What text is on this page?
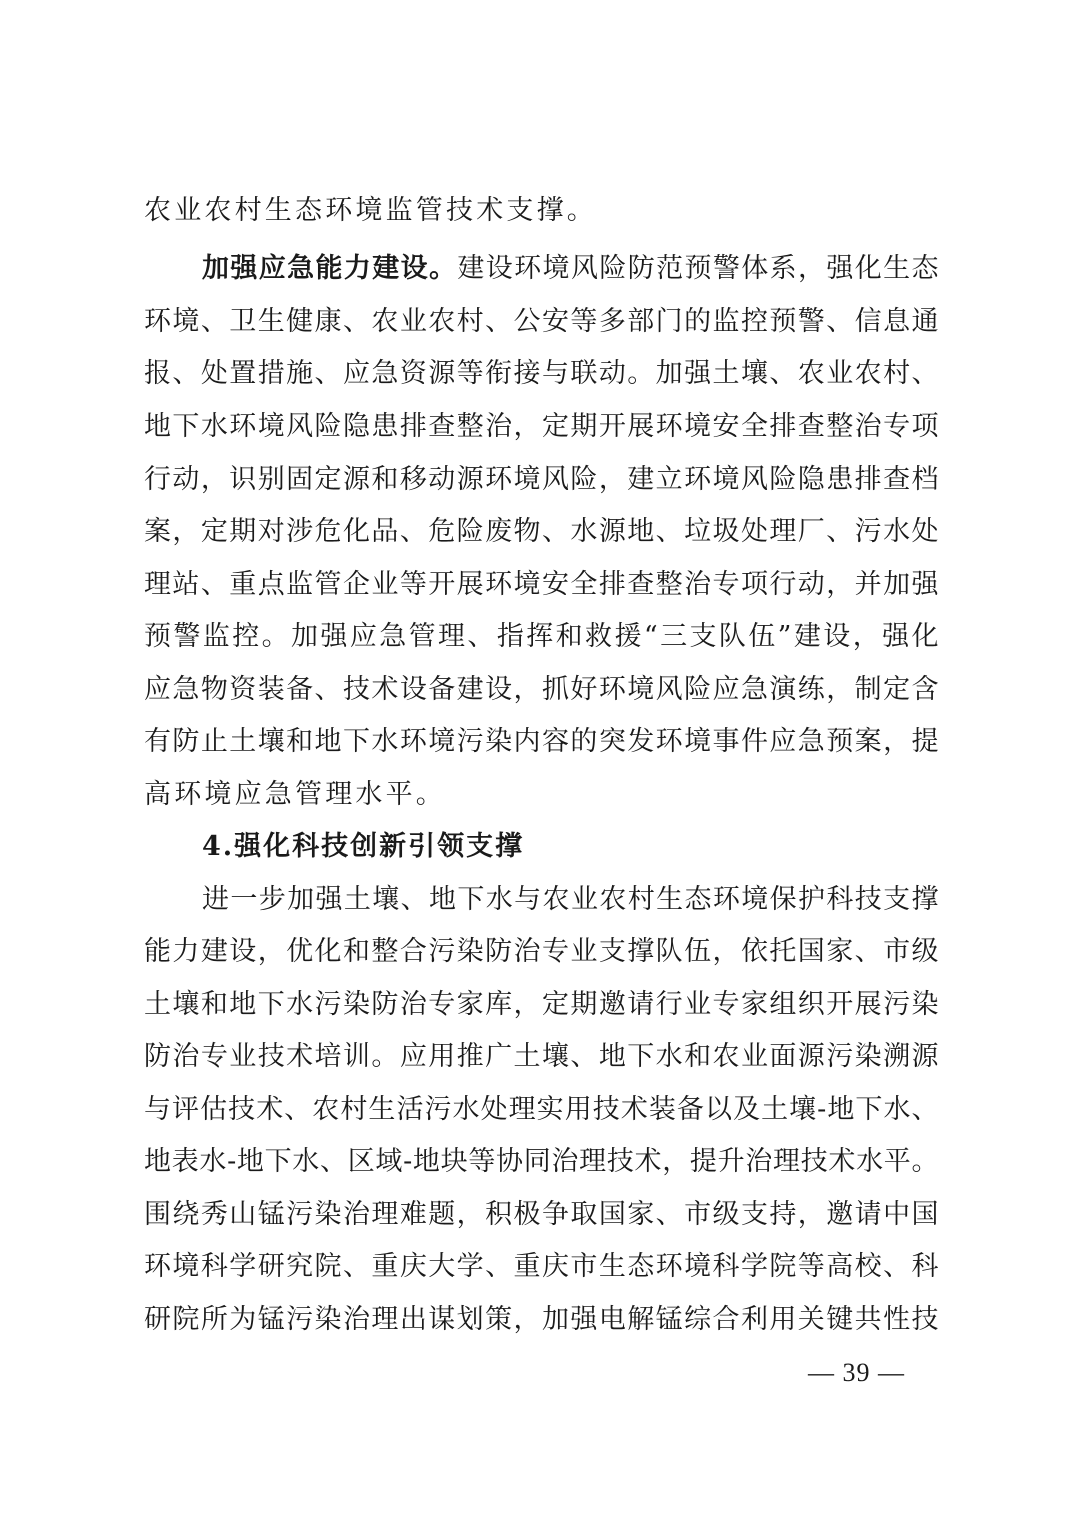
农业农村生态环境监管技术支撑。
加强应急能力建设。建设环境风险防范预警体系，强化生态
环境、卫生健康、农业农村、公安等多部门的监控预警、信息通
报、处置措施、应急资源等衔接与联动。加强土壤、农业农村、
地下水环境风险隐患排查整治，定期开展环境安全排查整治专项
行动，识别固定源和移动源环境风险，建立环境风险隐患排查档
案，定期对涉危化品、危险废物、水源地、垃圾处理厂、污水处
理站、重点监管企业等开展环境安全排查整治专项行动，并加强
预警监控。加强应急管理、指挥和救援“三支队伍”建设，强化
应急物资装备、技术设备建设，抓好环境风险应急演练，制定含
有防止土壤和地下水环境污染内容的突发环境事件应急预案，提
高环境应急管理水平。
4.强化科技创新引领支撑
进一步加强土壤、地下水与农业农村生态环境保护科技支撑
能力建设，优化和整合污染防治专业支撑队伍，依托国家、市级
土壤和地下水污染防治专家库，定期邀请行业专家组织开展污染
防治专业技术培训。应用推广土壤、地下水和农业面源污染溯源
与评估技术、农村生活污水处理实用技术装备以及土壤-地下水、
地表水-地下水、区域-地块等协同治理技术，提升治理技术水平。
围绕秀山锰污染治理难题，积极争取国家、市级支持，邀请中国
环境科学研究院、重庆大学、重庆市生态环境科学院等高校、科
研院所为锰污染治理出谋划策，加强电解锰综合利用关键共性技
— 39 —
